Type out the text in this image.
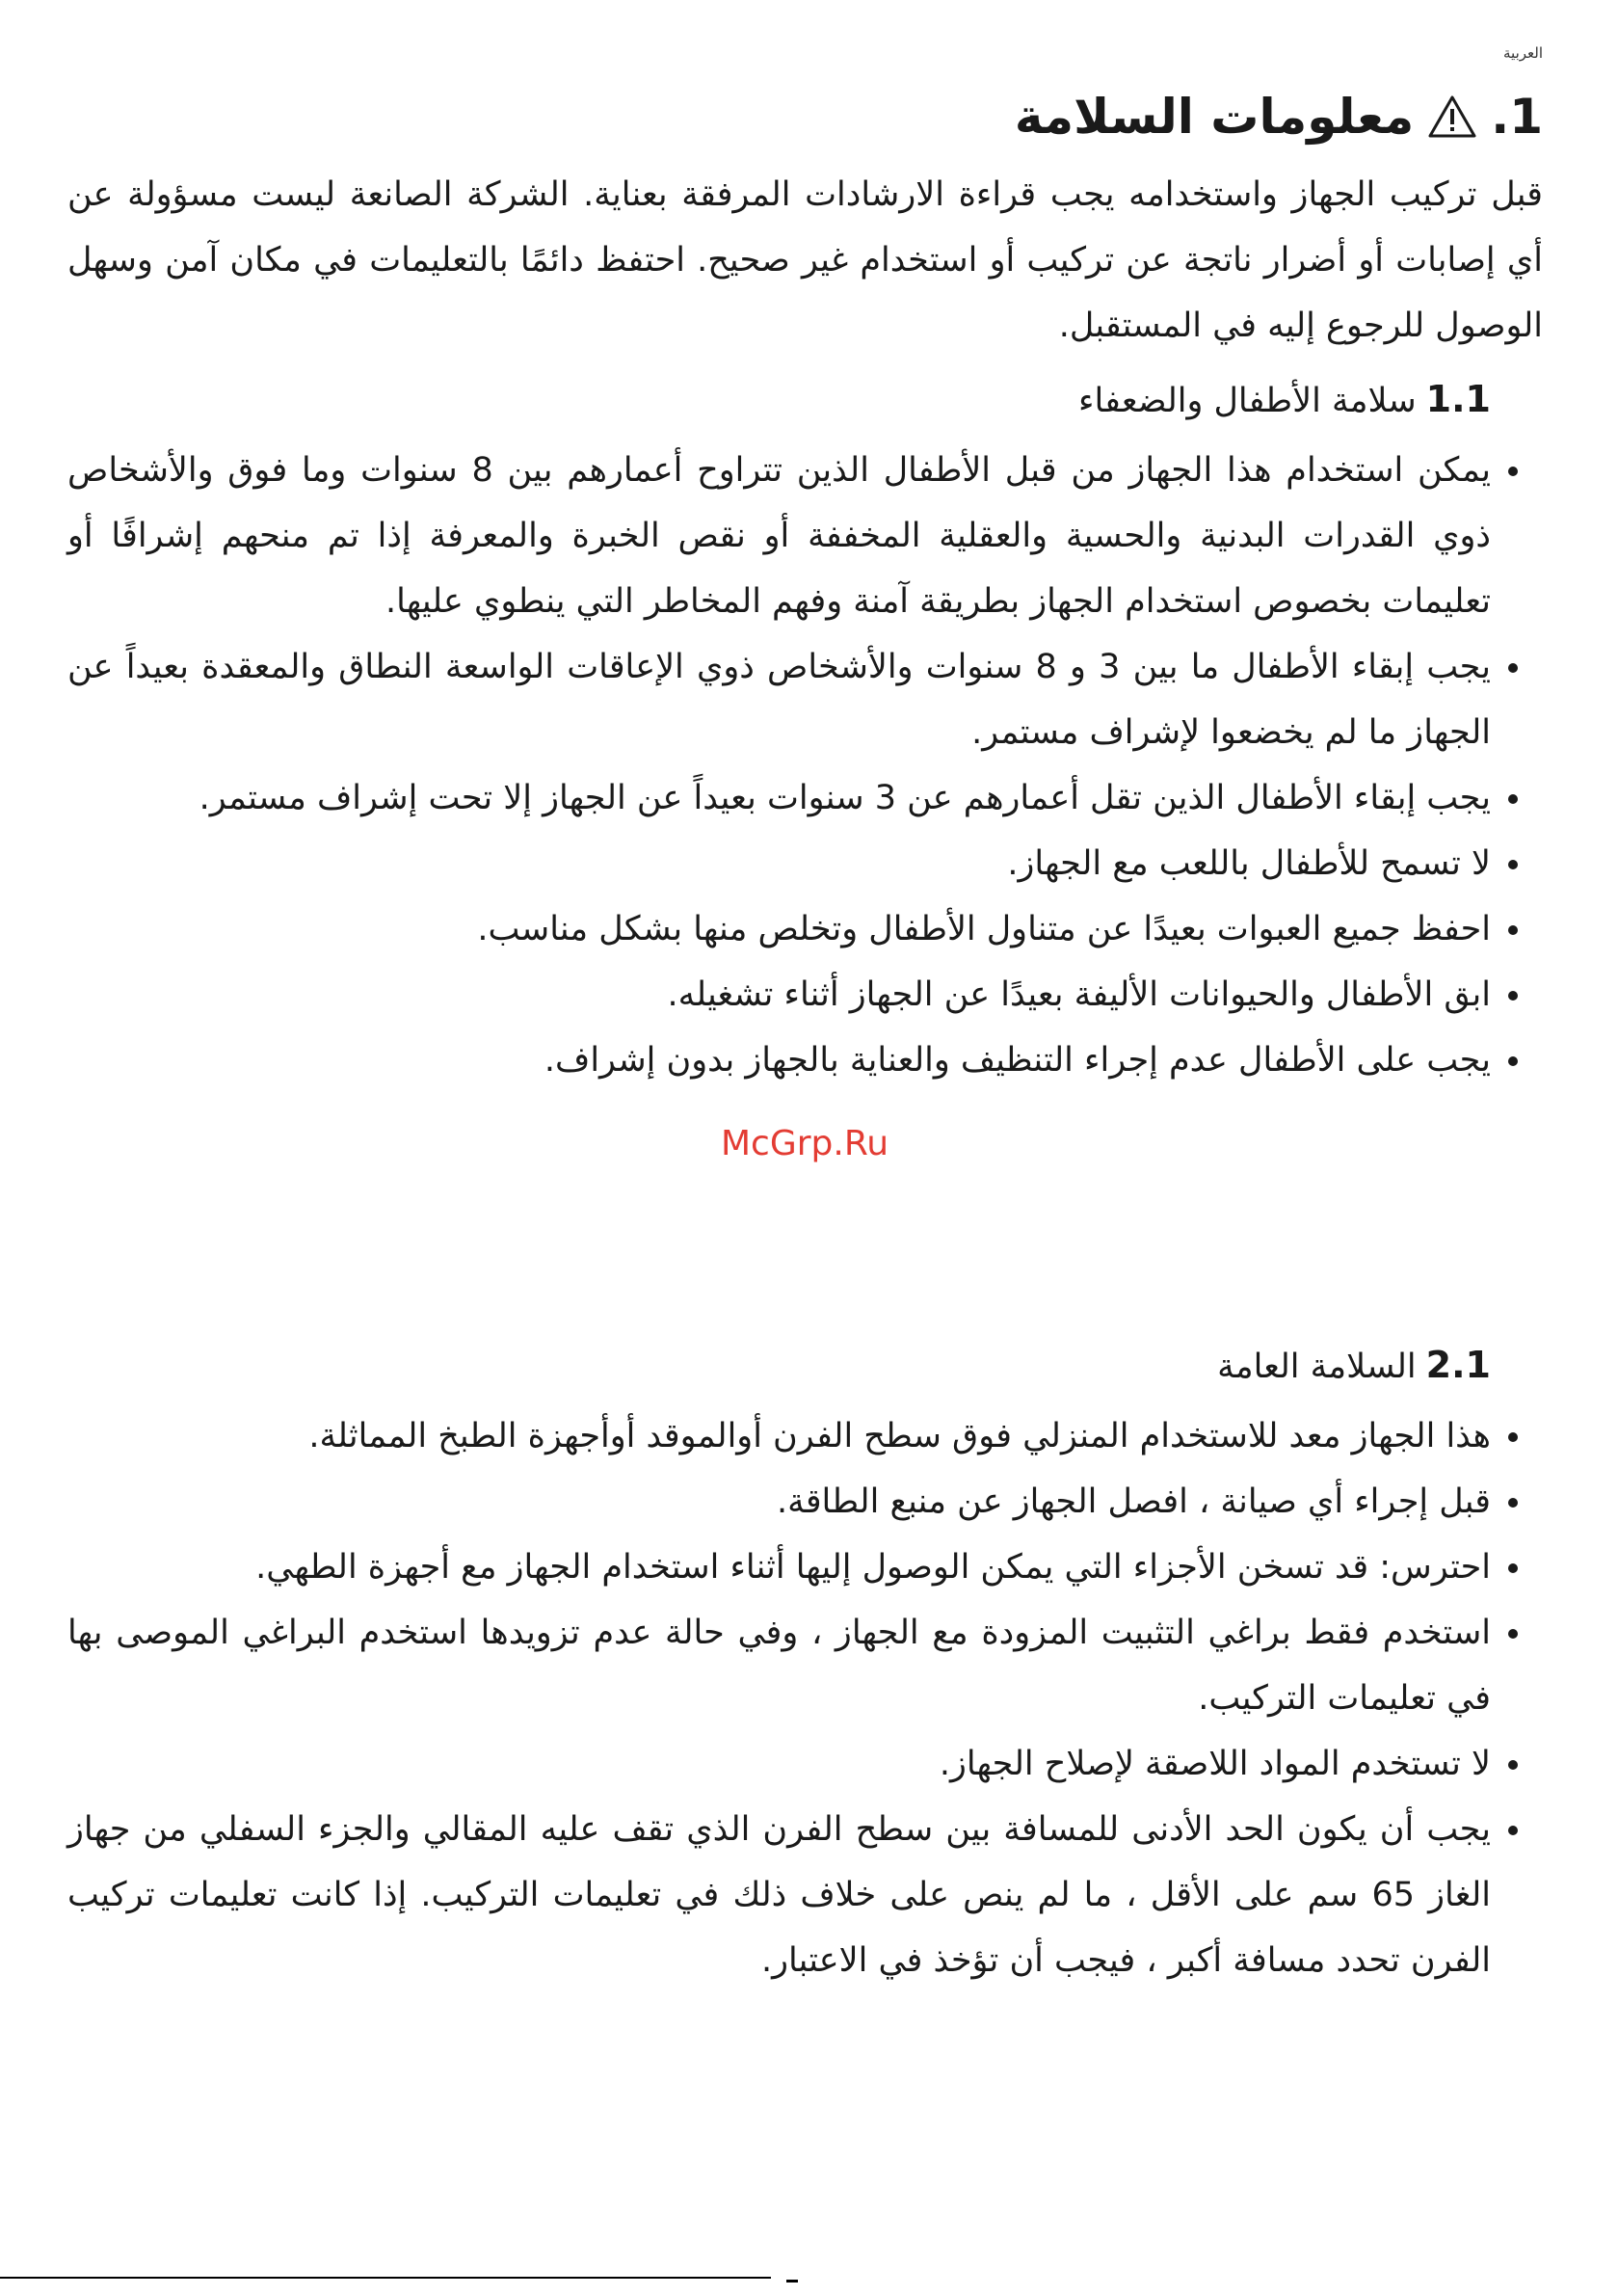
العربية
1.
معلومات السلامة

قبل تركيب الجهاز واستخدامه يجب قراءة الارشادات المرفقة بعناية. الشركة الصانعة ليست مسؤولة عن أي إصابات أو أضرار ناتجة عن تركيب أو استخدام غير صحيح. احتفظ دائمًا بالتعليمات في مكان آمن وسهل الوصول للرجوع إليه في المستقبل.

1.1سلامة الأطفال والضعفاء
يمكن استخدام هذا الجهاز من قبل الأطفال الذين تتراوح أعمارهم بين 8 سنوات وما فوق والأشخاص ذوي القدرات البدنية والحسية والعقلية المخففة أو نقص الخبرة والمعرفة إذا تم منحهم إشرافًا أو تعليمات بخصوص استخدام الجهاز بطريقة آمنة وفهم المخاطر التي ينطوي عليها.
يجب إبقاء الأطفال ما بين 3 و 8 سنوات والأشخاص ذوي الإعاقات الواسعة النطاق والمعقدة بعيداً عن الجهاز ما لم يخضعوا لإشراف مستمر.
يجب إبقاء الأطفال الذين تقل أعمارهم عن 3 سنوات بعيداً عن الجهاز إلا تحت إشراف مستمر.
لا تسمح للأطفال باللعب مع الجهاز.
احفظ جميع العبوات بعيدًا عن متناول الأطفال وتخلص منها بشكل مناسب.
ابق الأطفال والحيوانات الأليفة بعيدًا عن الجهاز أثناء تشغيله.
يجب على الأطفال عدم إجراء التنظيف والعناية بالجهاز بدون إشراف.
2.1السلامة العامة
هذا الجهاز معد للاستخدام المنزلي فوق سطح الفرن أوالموقد أوأجهزة الطبخ المماثلة.
قبل إجراء أي صيانة ، افصل الجهاز عن منبع الطاقة.
احترس: قد تسخن الأجزاء التي يمكن الوصول إليها أثناء استخدام الجهاز مع أجهزة الطهي.
استخدم فقط براغي التثبيت المزودة مع الجهاز ، وفي حالة عدم تزويدها استخدم البراغي الموصى بها في تعليمات التركيب.
لا تستخدم المواد اللاصقة لإصلاح الجهاز.
يجب أن يكون الحد الأدنى للمسافة بين سطح الفرن الذي تقف عليه المقالي والجزء السفلي من جهاز الغاز 65 سم على الأقل ، ما لم ينص على خلاف ذلك في تعليمات التركيب. إذا كانت تعليمات تركيب الفرن تحدد مسافة أكبر ، فيجب أن تؤخذ في الاعتبار.
McGrp.Ru
